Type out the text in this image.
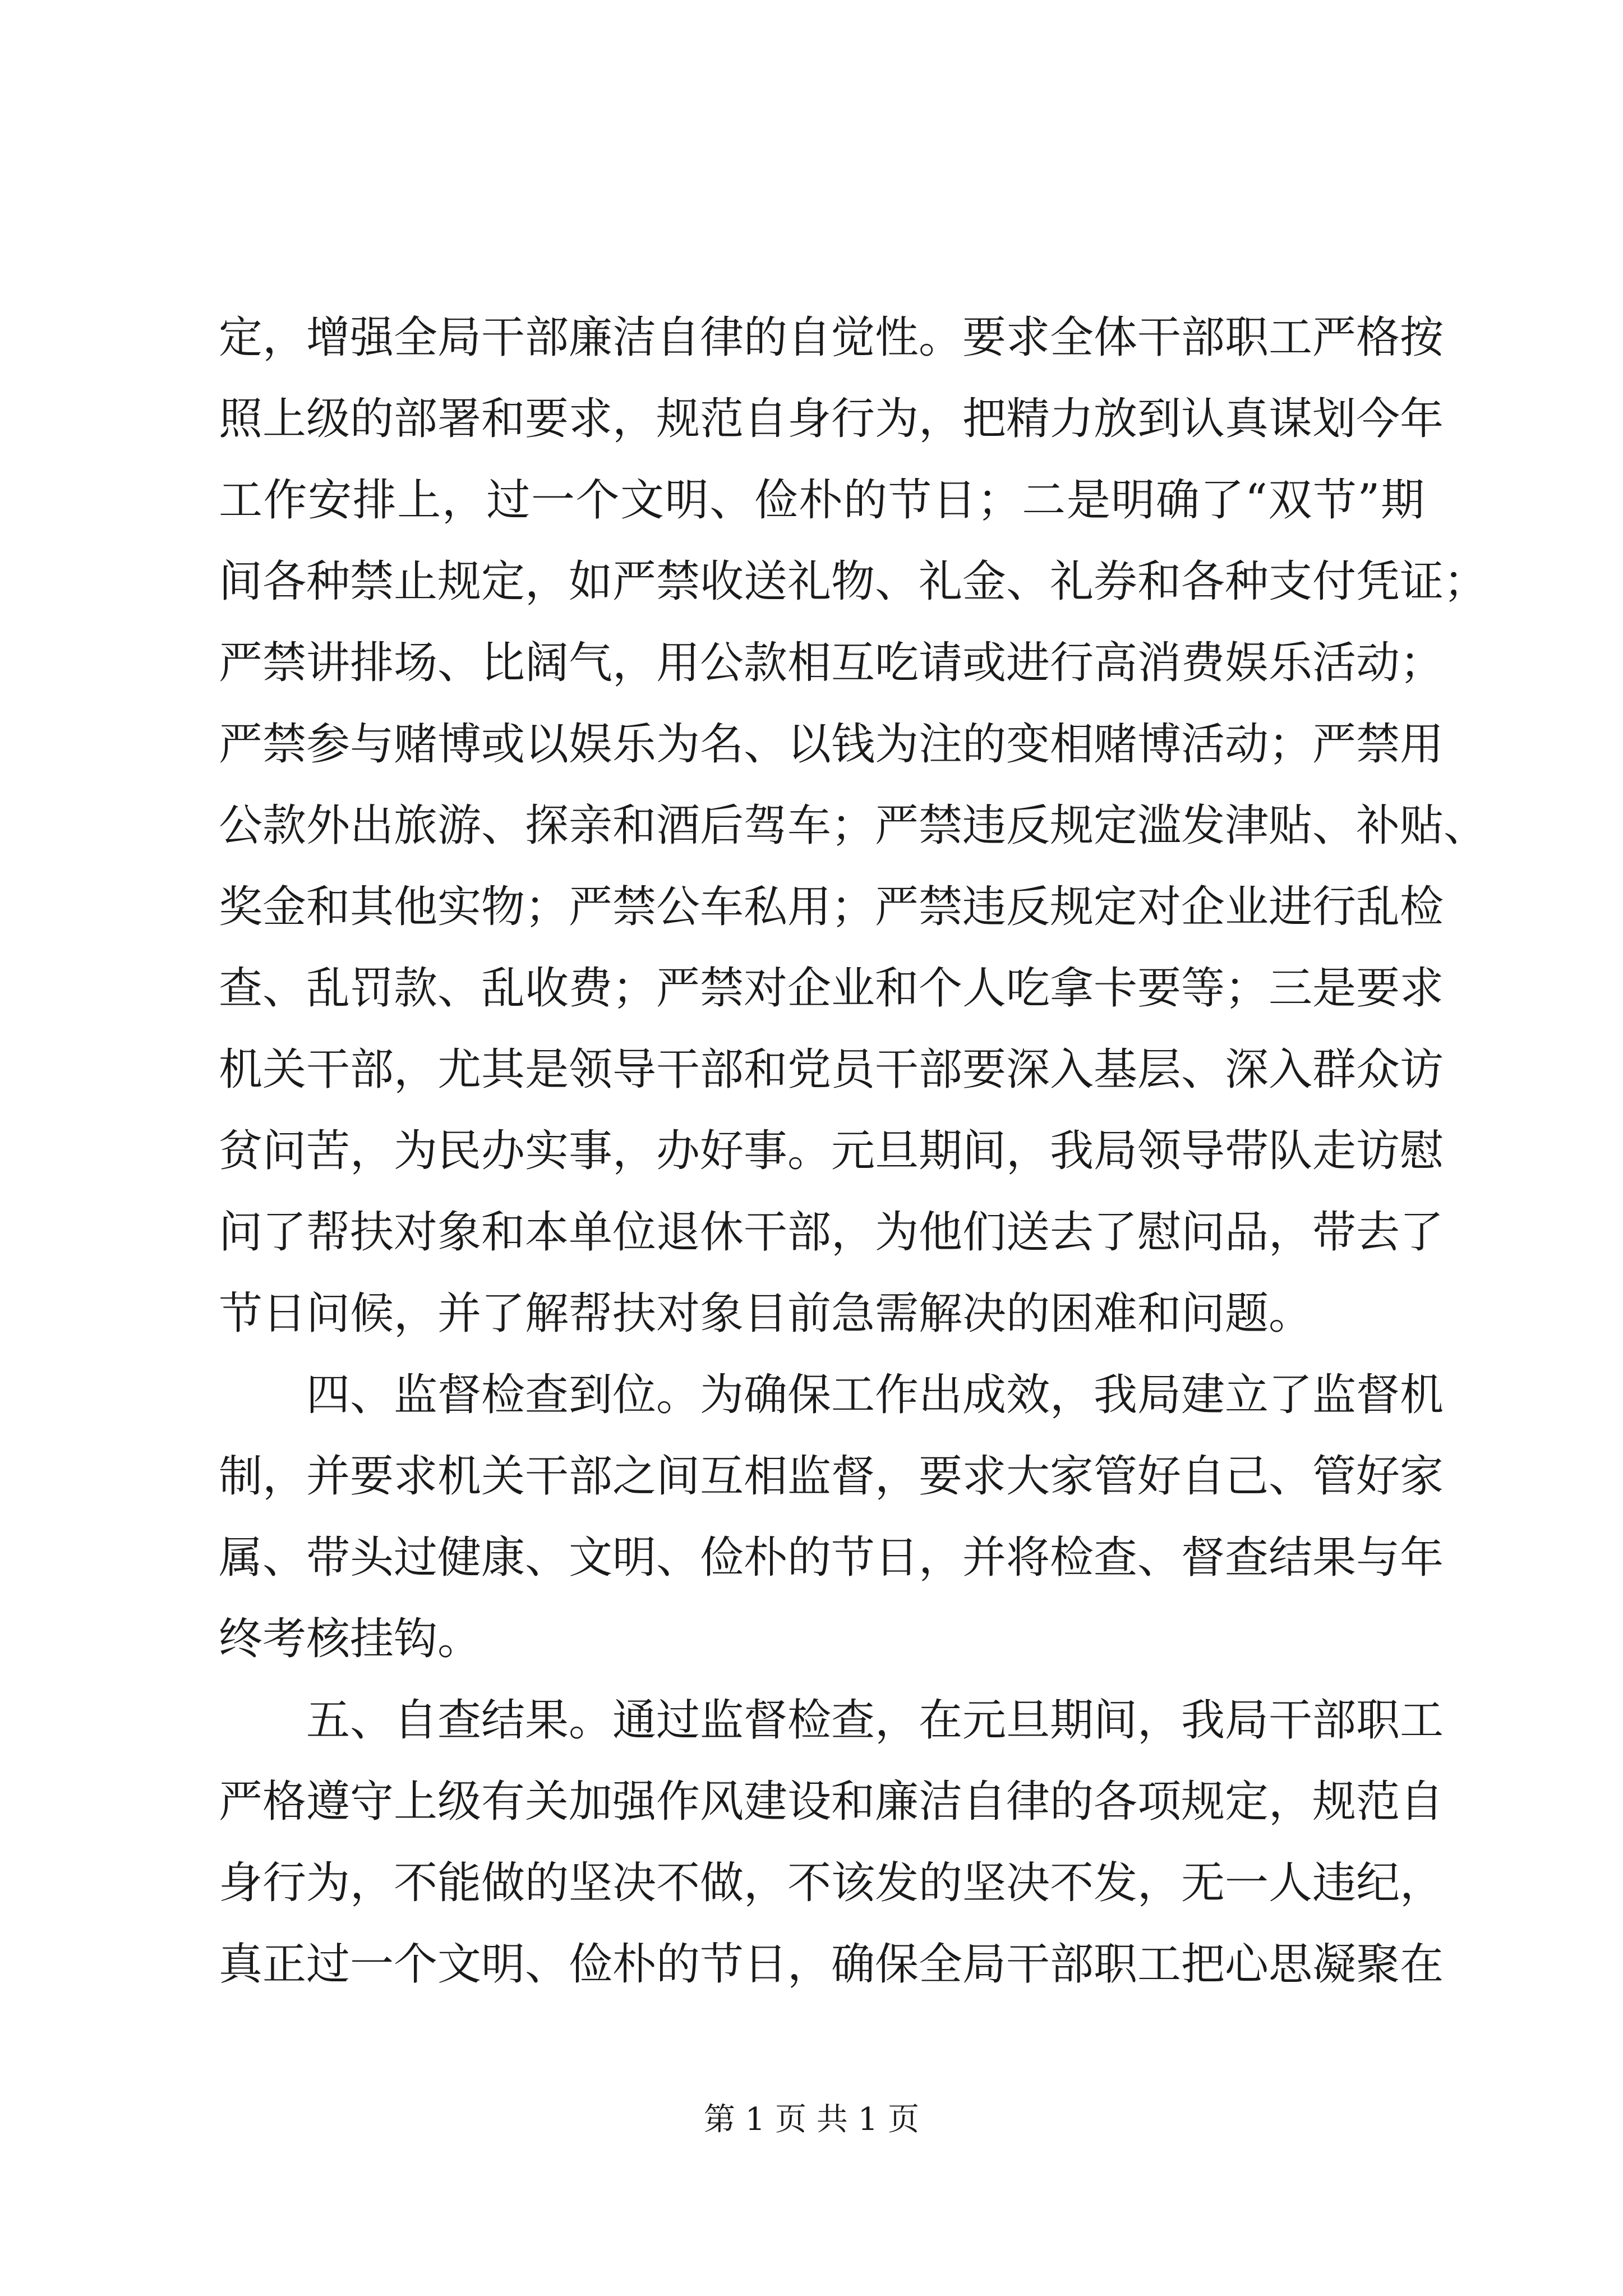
定，增强全局干部廉洁自律的自觉性。要求全体干部职工严格按
照上级的部署和要求，规范自身行为，把精力放到认真谋划今年
工作安排上，过一个文明、俭朴的节日；二是明确了“双节”期
间各种禁止规定，如严禁收送礼物、礼金、礼券和各种支付凭证；
严禁讲排场、比阔气，用公款相互吃请或进行高消费娱乐活动；
严禁参与赌博或以娱乐为名、以钱为注的变相赌博活动；严禁用
公款外出旅游、探亲和酒后驾车；严禁违反规定滥发津贴、补贴、
奖金和其他实物；严禁公车私用；严禁违反规定对企业进行乱检
查、乱罚款、乱收费；严禁对企业和个人吃拿卡要等；三是要求
机关干部，尤其是领导干部和党员干部要深入基层、深入群众访
贫问苦，为民办实事，办好事。元旦期间，我局领导带队走访慰
问了帮扶对象和本单位退休干部，为他们送去了慰问品，带去了
节日问候，并了解帮扶对象目前急需解决的困难和问题。
　　四、监督检查到位。为确保工作出成效，我局建立了监督机
制，并要求机关干部之间互相监督，要求大家管好自己、管好家
属、带头过健康、文明、俭朴的节日，并将检查、督查结果与年
终考核挂钩。
　　五、自查结果。通过监督检查，在元旦期间，我局干部职工
严格遵守上级有关加强作风建设和廉洁自律的各项规定，规范自
身行为，不能做的坚决不做，不该发的坚决不发，无一人违纪，
真正过一个文明、俭朴的节日，确保全局干部职工把心思凝聚在
第 1 页 共 1 页
